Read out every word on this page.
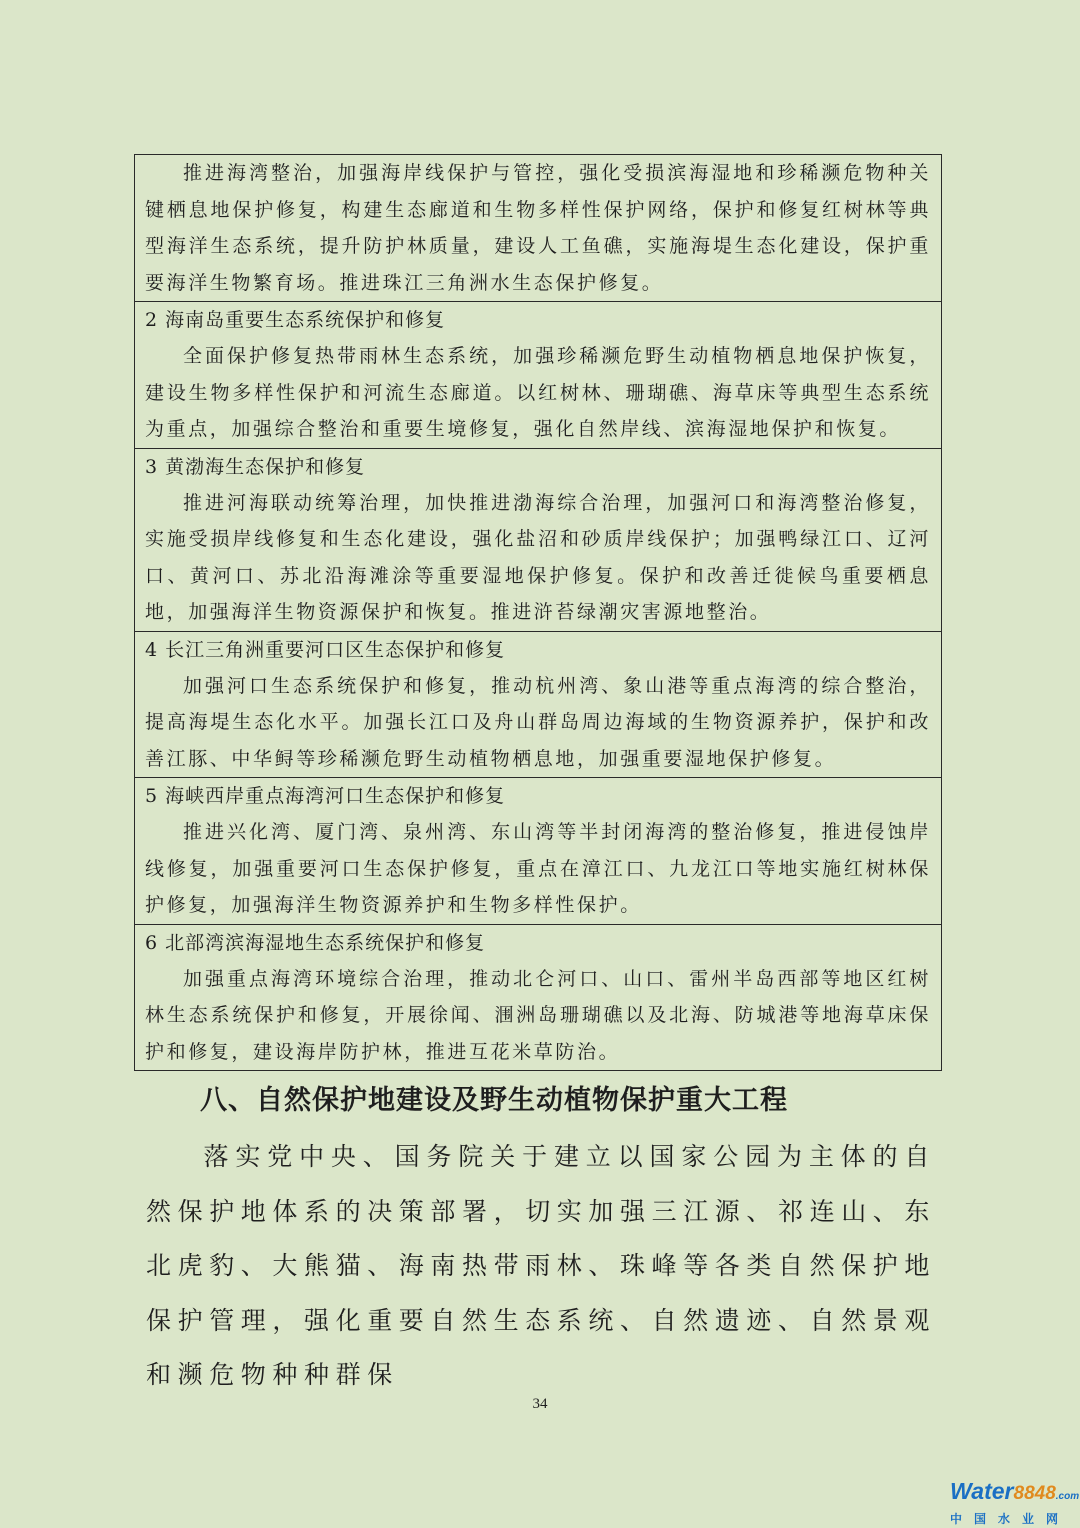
推进海湾整治，加强海岸线保护与管控，强化受损滨海湿地和珍稀濒危物种关键栖息地保护修复，构建生态廊道和生物多样性保护网络，保护和修复红树林等典型海洋生态系统，提升防护林质量，建设人工鱼礁，实施海堤生态化建设，保护重要海洋生物繁育场。推进珠江三角洲水生态保护修复。
2 海南岛重要生态系统保护和修复
全面保护修复热带雨林生态系统，加强珍稀濒危野生动植物栖息地保护恢复，建设生物多样性保护和河流生态廊道。以红树林、珊瑚礁、海草床等典型生态系统为重点，加强综合整治和重要生境修复，强化自然岸线、滨海湿地保护和恢复。
3 黄渤海生态保护和修复
推进河海联动统筹治理，加快推进渤海综合治理，加强河口和海湾整治修复，实施受损岸线修复和生态化建设，强化盐沼和砂质岸线保护；加强鸭绿江口、辽河口、黄河口、苏北沿海滩涂等重要湿地保护修复。保护和改善迁徙候鸟重要栖息地，加强海洋生物资源保护和恢复。推进浒苔绿潮灾害源地整治。
4 长江三角洲重要河口区生态保护和修复
加强河口生态系统保护和修复，推动杭州湾、象山港等重点海湾的综合整治，提高海堤生态化水平。加强长江口及舟山群岛周边海域的生物资源养护，保护和改善江豚、中华鲟等珍稀濒危野生动植物栖息地，加强重要湿地保护修复。
5 海峡西岸重点海湾河口生态保护和修复
推进兴化湾、厦门湾、泉州湾、东山湾等半封闭海湾的整治修复，推进侵蚀岸线修复，加强重要河口生态保护修复，重点在漳江口、九龙江口等地实施红树林保护修复，加强海洋生物资源养护和生物多样性保护。
6 北部湾滨海湿地生态系统保护和修复
加强重点海湾环境综合治理，推动北仑河口、山口、雷州半岛西部等地区红树林生态系统保护和修复，开展徐闻、涠洲岛珊瑚礁以及北海、防城港等地海草床保护和修复，建设海岸防护林，推进互花米草防治。
八、自然保护地建设及野生动植物保护重大工程
落实党中央、国务院关于建立以国家公园为主体的自然保护地体系的决策部署，切实加强三江源、祁连山、东北虎豹、大熊猫、海南热带雨林、珠峰等各类自然保护地保护管理，强化重要自然生态系统、自然遗迹、自然景观和濒危物种种群保
34
Water8848.com
中国水业网
